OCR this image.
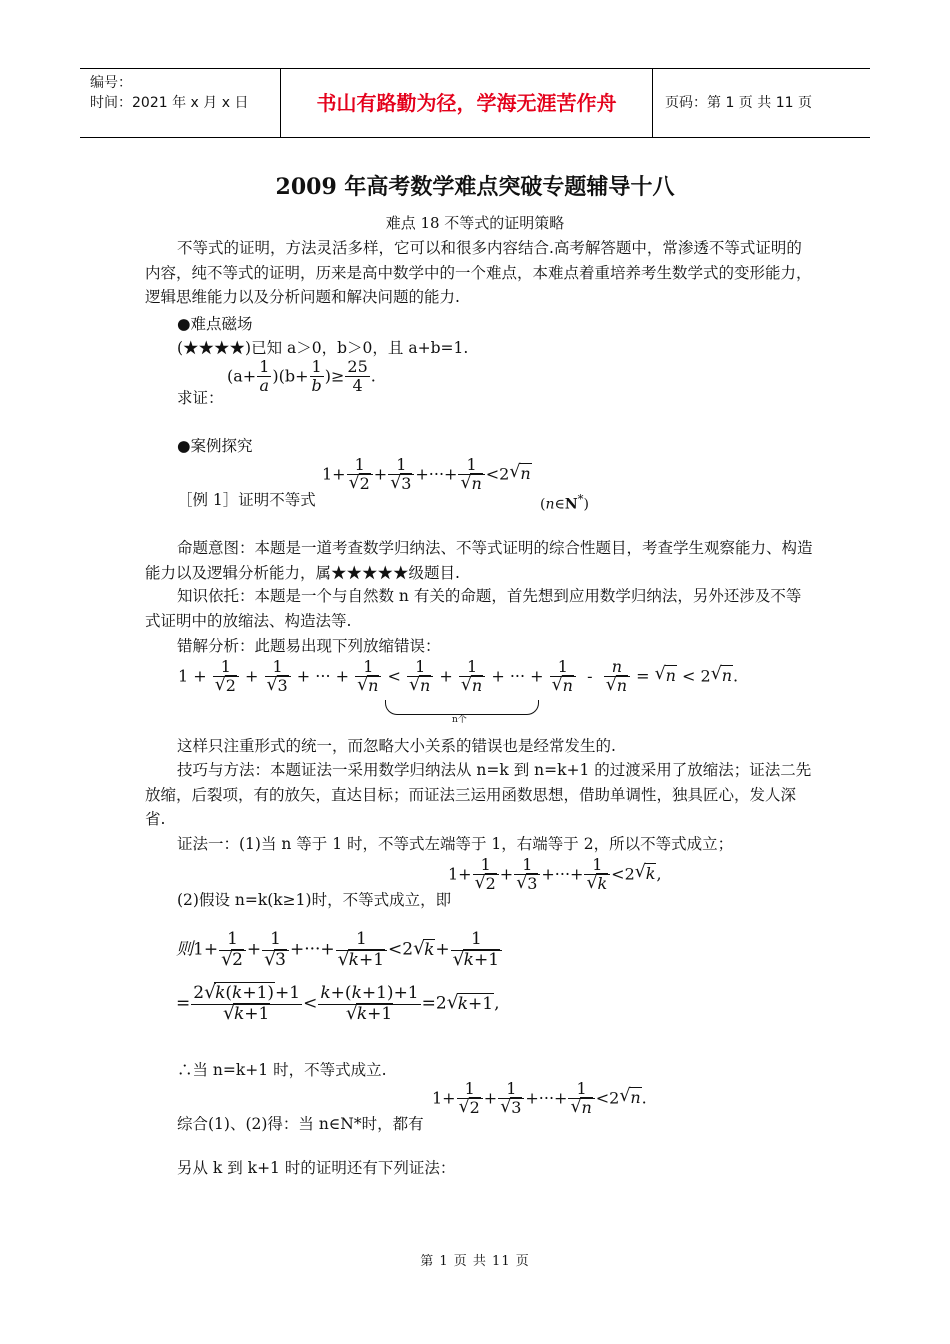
编号：
时间：2021 年 x 月 x 日	书山有路勤为径，学海无涯苦作舟	页码：第 1 页 共 11 页
2009 年高考数学难点突破专题辅导十八
难点 18 不等式的证明策略
不等式的证明，方法灵活多样，它可以和很多内容结合.高考解答题中，常渗透不等式证明的内容，纯不等式的证明，历来是高中数学中的一个难点，本难点着重培养考生数学式的变形能力，逻辑思维能力以及分析问题和解决问题的能力.
●难点磁场
(★★★★)已知 a＞0，b＞0，且 a+b=1.
求证：
$(a+ \frac{1}{a} )(b+ \frac{1}{b}$ )≥ $\frac{25}{4}$ .
●案例探究
［例 1］证明不等式
1+ 1
√ 2 + 1
√ 3 +···+ 1
√ n <2 √ n
(n∈N*)
命题意图：本题是一道考查数学归纳法、不等式证明的综合性题目，考查学生观察能力、构造能力以及逻辑分析能力，属★★★★★级题目.
知识依托：本题是一个与自然数 n 有关的命题，首先想到应用数学归纳法，另外还涉及不等式证明中的放缩法、构造法等.
错解分析：此题易出现下列放缩错误：
1 + 1
√ 2 + 1
√ 3 + ··· + 1
√ n < 1
√ n + 1
√ n + ··· + 1
√ n - n
√ n = √ n < 2 √ n.
n个
这样只注重形式的统一，而忽略大小关系的错误也是经常发生的.
技巧与方法：本题证法一采用数学归纳法从 n=k 到 n=k+1 的过渡采用了放缩法；证法二先放缩，后裂项，有的放矢，直达目标；而证法三运用函数思想，借助单调性，独具匠心，发人深省.
证法一：(1)当 n 等于 1 时，不等式左端等于 1，右端等于 2，所以不等式成立；
(2)假设 n=k(k≥1)时，不等式成立，即
1+ 1
√ 2 + 1
√ 3 +···+ 1
√ k <2 √ k,
则1+ 1
√ 2 + 1
√ 3 +···+ 1
√ k+1 <2 √ k+ 1
√ k+1
= 2 √ k(k+1)+1
√ k+1 < k+(k+1)+1
√ k+1 =2 √ k+1,
∴当 n=k+1 时，不等式成立.
综合(1)、(2)得：当 n∈N*时，都有
1+ 1
√ 2 + 1
√ 3 +···+ 1
√ n <2 √ n.
另从 k 到 k+1 时的证明还有下列证法：
第 1 页 共 11 页
